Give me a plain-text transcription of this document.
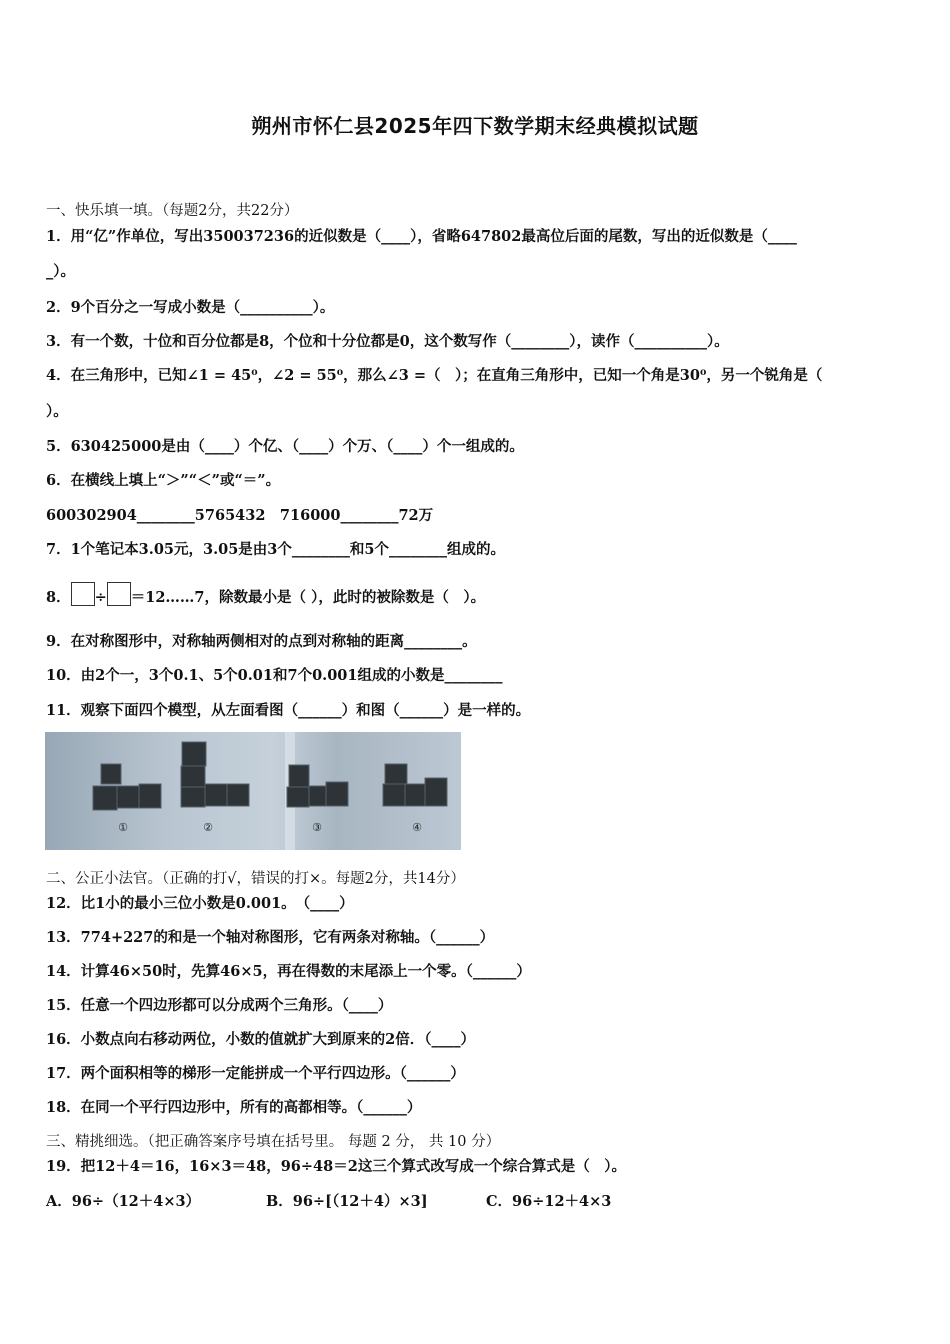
朔州市怀仁县2025年四下数学期末经典模拟试题
一、快乐填一填。（每题2分，共22分）
1．用“亿”作单位，写出350037236的近似数是（____），省略647802最高位后面的尾数，写出的近似数是（____
_）。
2．9个百分之一写成小数是（__________）。
3．有一个数，十位和百分位都是8，个位和十分位都是0，这个数写作（________），读作（__________）。
4．在三角形中，已知∠1 = 45⁰，∠2 = 55⁰，那么∠3 =（　）；在直角三角形中，已知一个角是30⁰，另一个锐角是（
）。
5．630425000是由（____）个亿、（____）个万、（____）个一组成的。
6．在横线上填上“＞”“＜”或“＝”。
600302904________5765432　716000________72万
7．1个笔记本3.05元，3.05是由3个________和5个________组成的。
8． ÷ ＝12……7，除数最小是（ ），此时的被除数是（　）。
9．在对称图形中，对称轴两侧相对的点到对称轴的距离________。
10．由2个一，3个0.1、5个0.01和7个0.001组成的小数是________
11．观察下面四个模型，从左面看图（______）和图（______）是一样的。
①	②	③	④
二、公正小法官。（正确的打√，错误的打×。每题2分，共14分）
12．比1小的最小三位小数是0.001。　（____）
13．774+227的和是一个轴对称图形，它有两条对称轴。（______）
14．计算46×50时，先算46×5，再在得数的末尾添上一个零。（______）
15．任意一个四边形都可以分成两个三角形。（____）
16．小数点向右移动两位，小数的值就扩大到原来的2倍．（____）
17．两个面积相等的梯形一定能拼成一个平行四边形。（______）
18．在同一个平行四边形中，所有的高都相等。（______）
三、精挑细选。（把正确答案序号填在括号里。 每题 2 分， 共 10 分）
19．把12＋4＝16，16×3＝48，96÷48＝2这三个算式改写成一个综合算式是（　）。
A．96÷（12＋4×3）	B．96÷[（12＋4）×3]	C．96÷12＋4×3
